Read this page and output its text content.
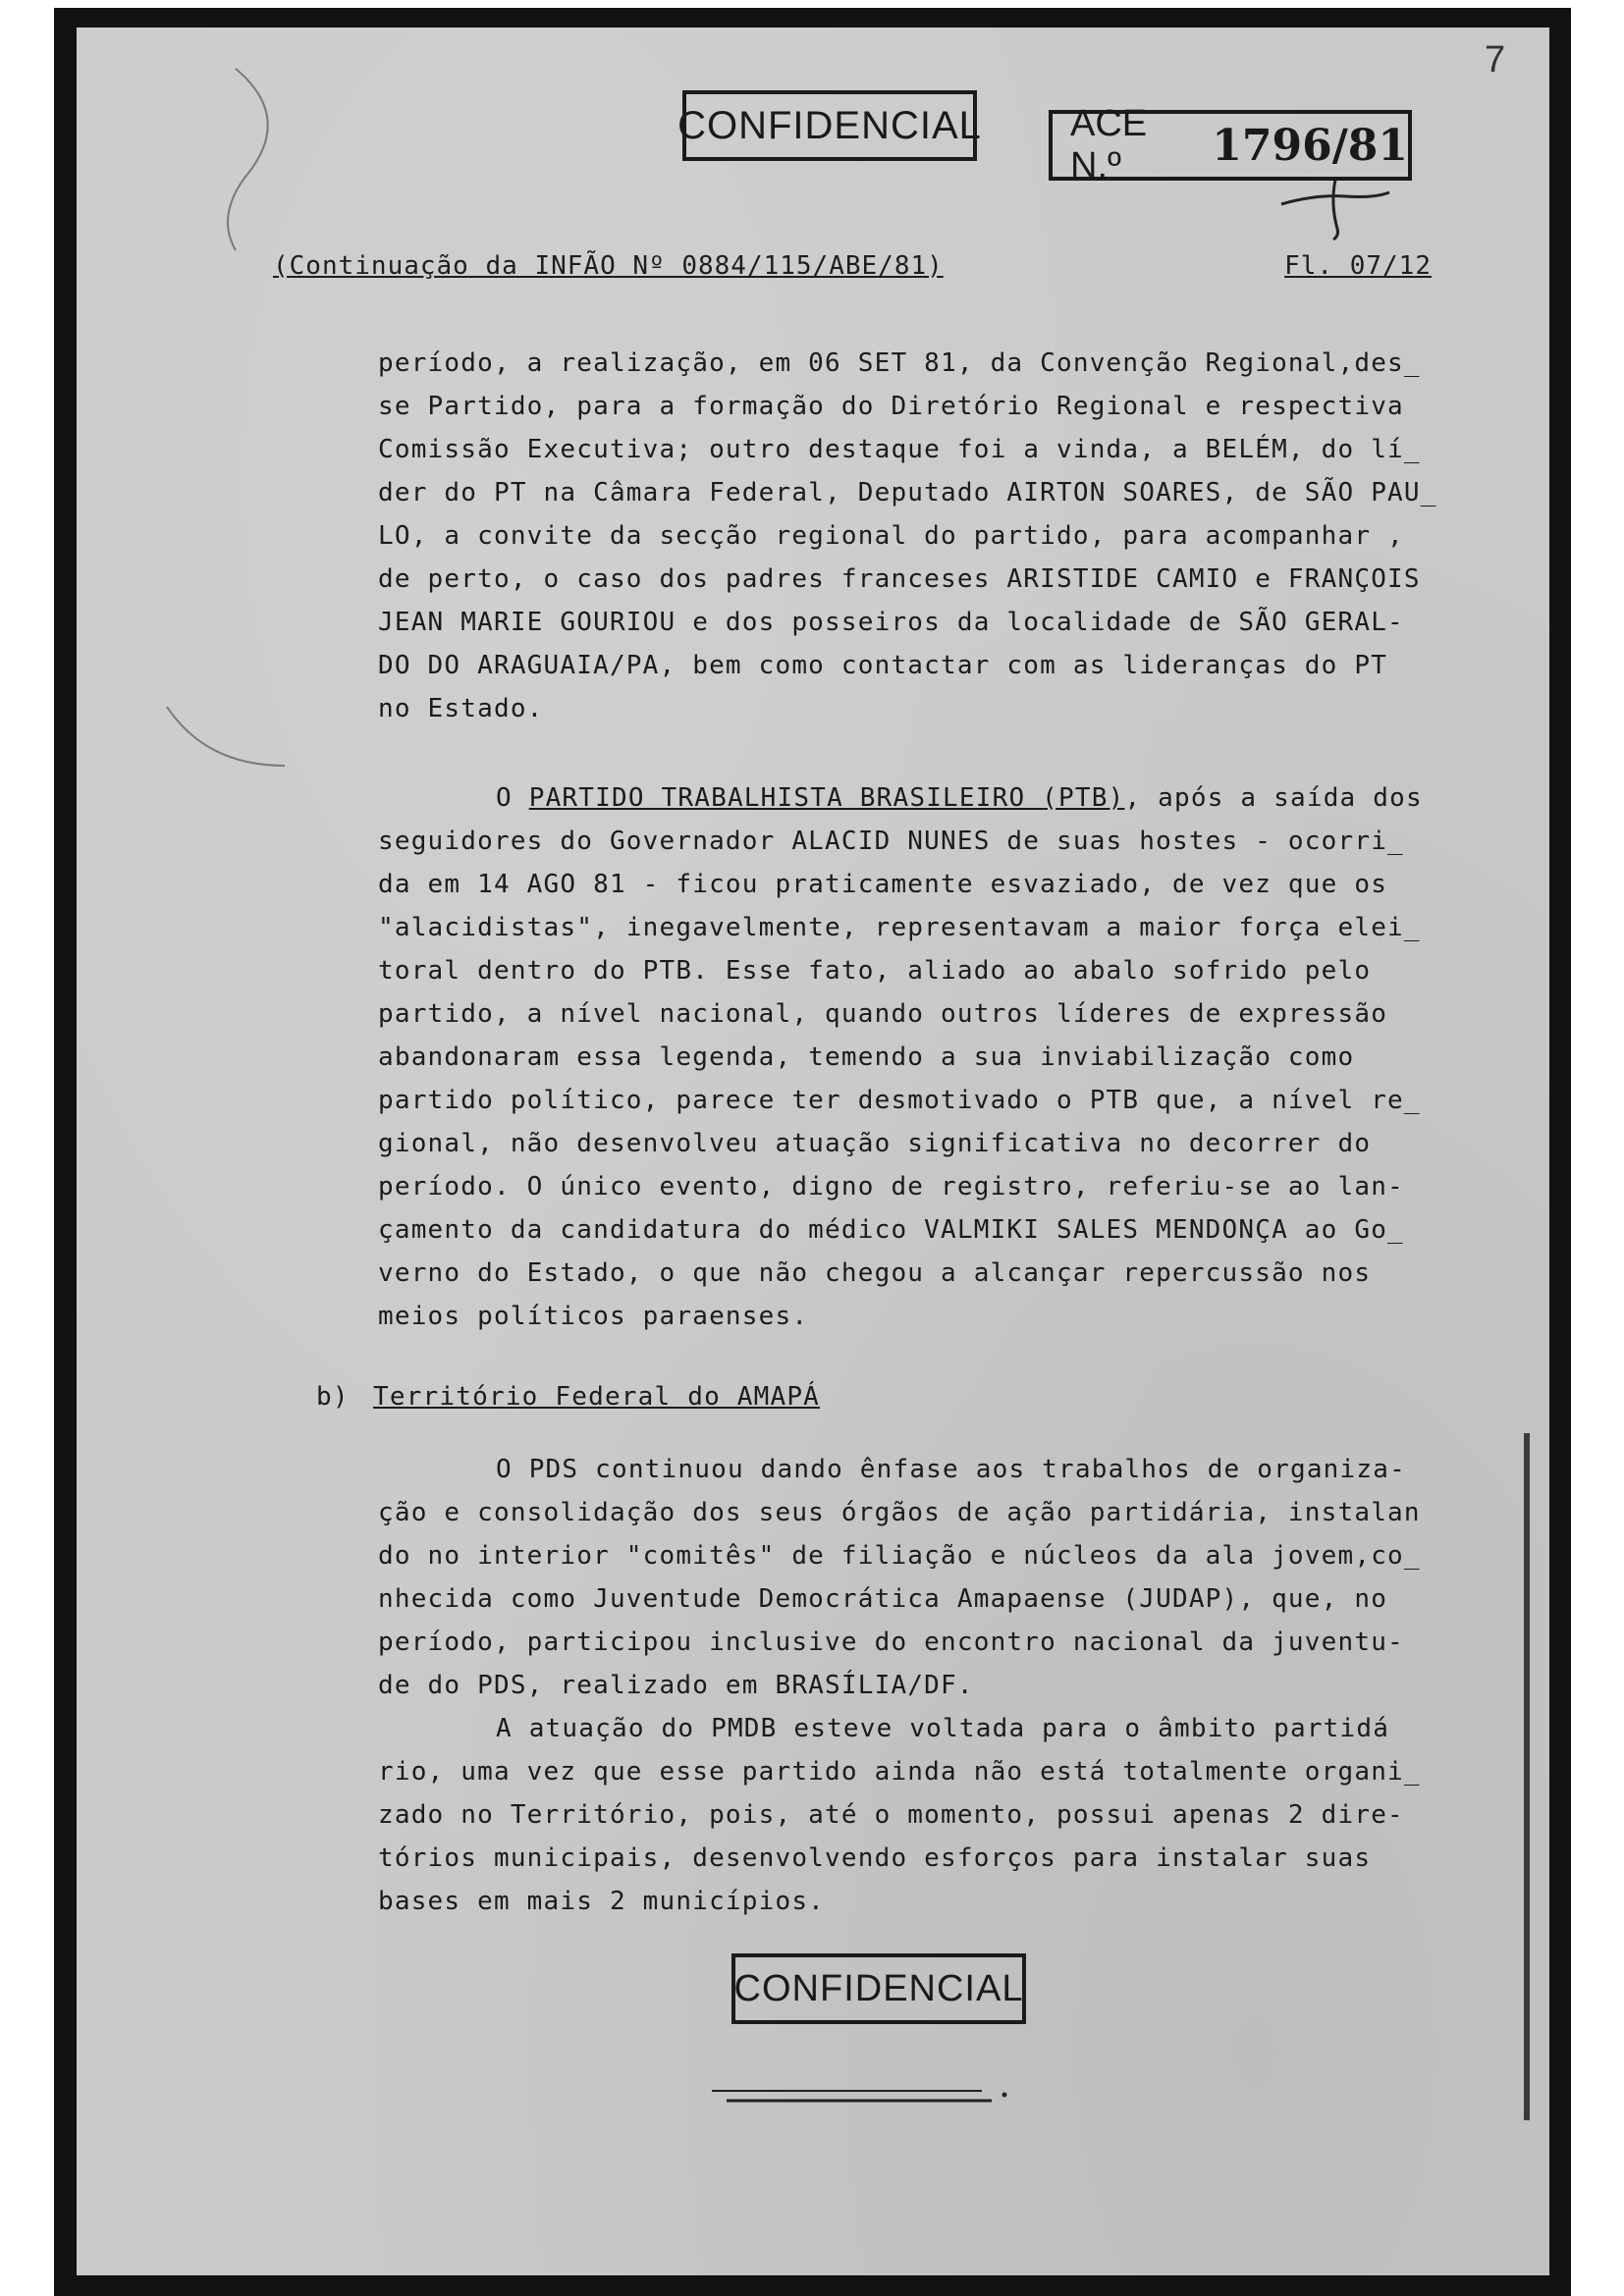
7
CONFIDENCIAL ACE N.º	1796/81
(Continuação da INFÃO Nº 0884/115/ABE/81)	Fl. 07/12
período, a realização, em 06 SET 81, da Convenção Regional,des_
se Partido, para a formação do Diretório Regional e respectiva
Comissão Executiva; outro destaque foi a vinda, a BELÉM, do lí_
der do PT na Câmara Federal, Deputado AIRTON SOARES, de SÃO PAU_
LO, a convite da secção regional do partido, para acompanhar ,
de perto, o caso dos padres franceses ARISTIDE CAMIO e FRANÇOIS
JEAN MARIE GOURIOU e dos posseiros da localidade de SÃO GERAL-
DO DO ARAGUAIA/PA, bem como contactar com as lideranças do PT
no Estado.
O PARTIDO TRABALHISTA BRASILEIRO (PTB), após a saída dos
seguidores do Governador ALACID NUNES de suas hostes - ocorri_
da em 14 AGO 81 - ficou praticamente esvaziado, de vez que os
"alacidistas", inegavelmente, representavam a maior força elei_
toral dentro do PTB. Esse fato, aliado ao abalo sofrido pelo
partido, a nível nacional, quando outros líderes de expressão
abandonaram essa legenda, temendo a sua inviabilização como
partido político, parece ter desmotivado o PTB que, a nível re_
gional, não desenvolveu atuação significativa no decorrer do
período. O único evento, digno de registro, referiu-se ao lan-
çamento da candidatura do médico VALMIKI SALES MENDONÇA ao Go_
verno do Estado, o que não chegou a alcançar repercussão nos
meios políticos paraenses.
b) Território Federal do AMAPÁ
O PDS continuou dando ênfase aos trabalhos de organiza-
ção e consolidação dos seus órgãos de ação partidária, instalan
do no interior "comitês" de filiação e núcleos da ala jovem,co_
nhecida como Juventude Democrática Amapaense (JUDAP), que, no
período, participou inclusive do encontro nacional da juventu-
de do PDS, realizado em BRASÍLIA/DF.
A atuação do PMDB esteve voltada para o âmbito partidá
rio, uma vez que esse partido ainda não está totalmente organi_
zado no Território, pois, até o momento, possui apenas 2 dire-
tórios municipais, desenvolvendo esforços para instalar suas
bases em mais 2 municípios.
CONFIDENCIAL
